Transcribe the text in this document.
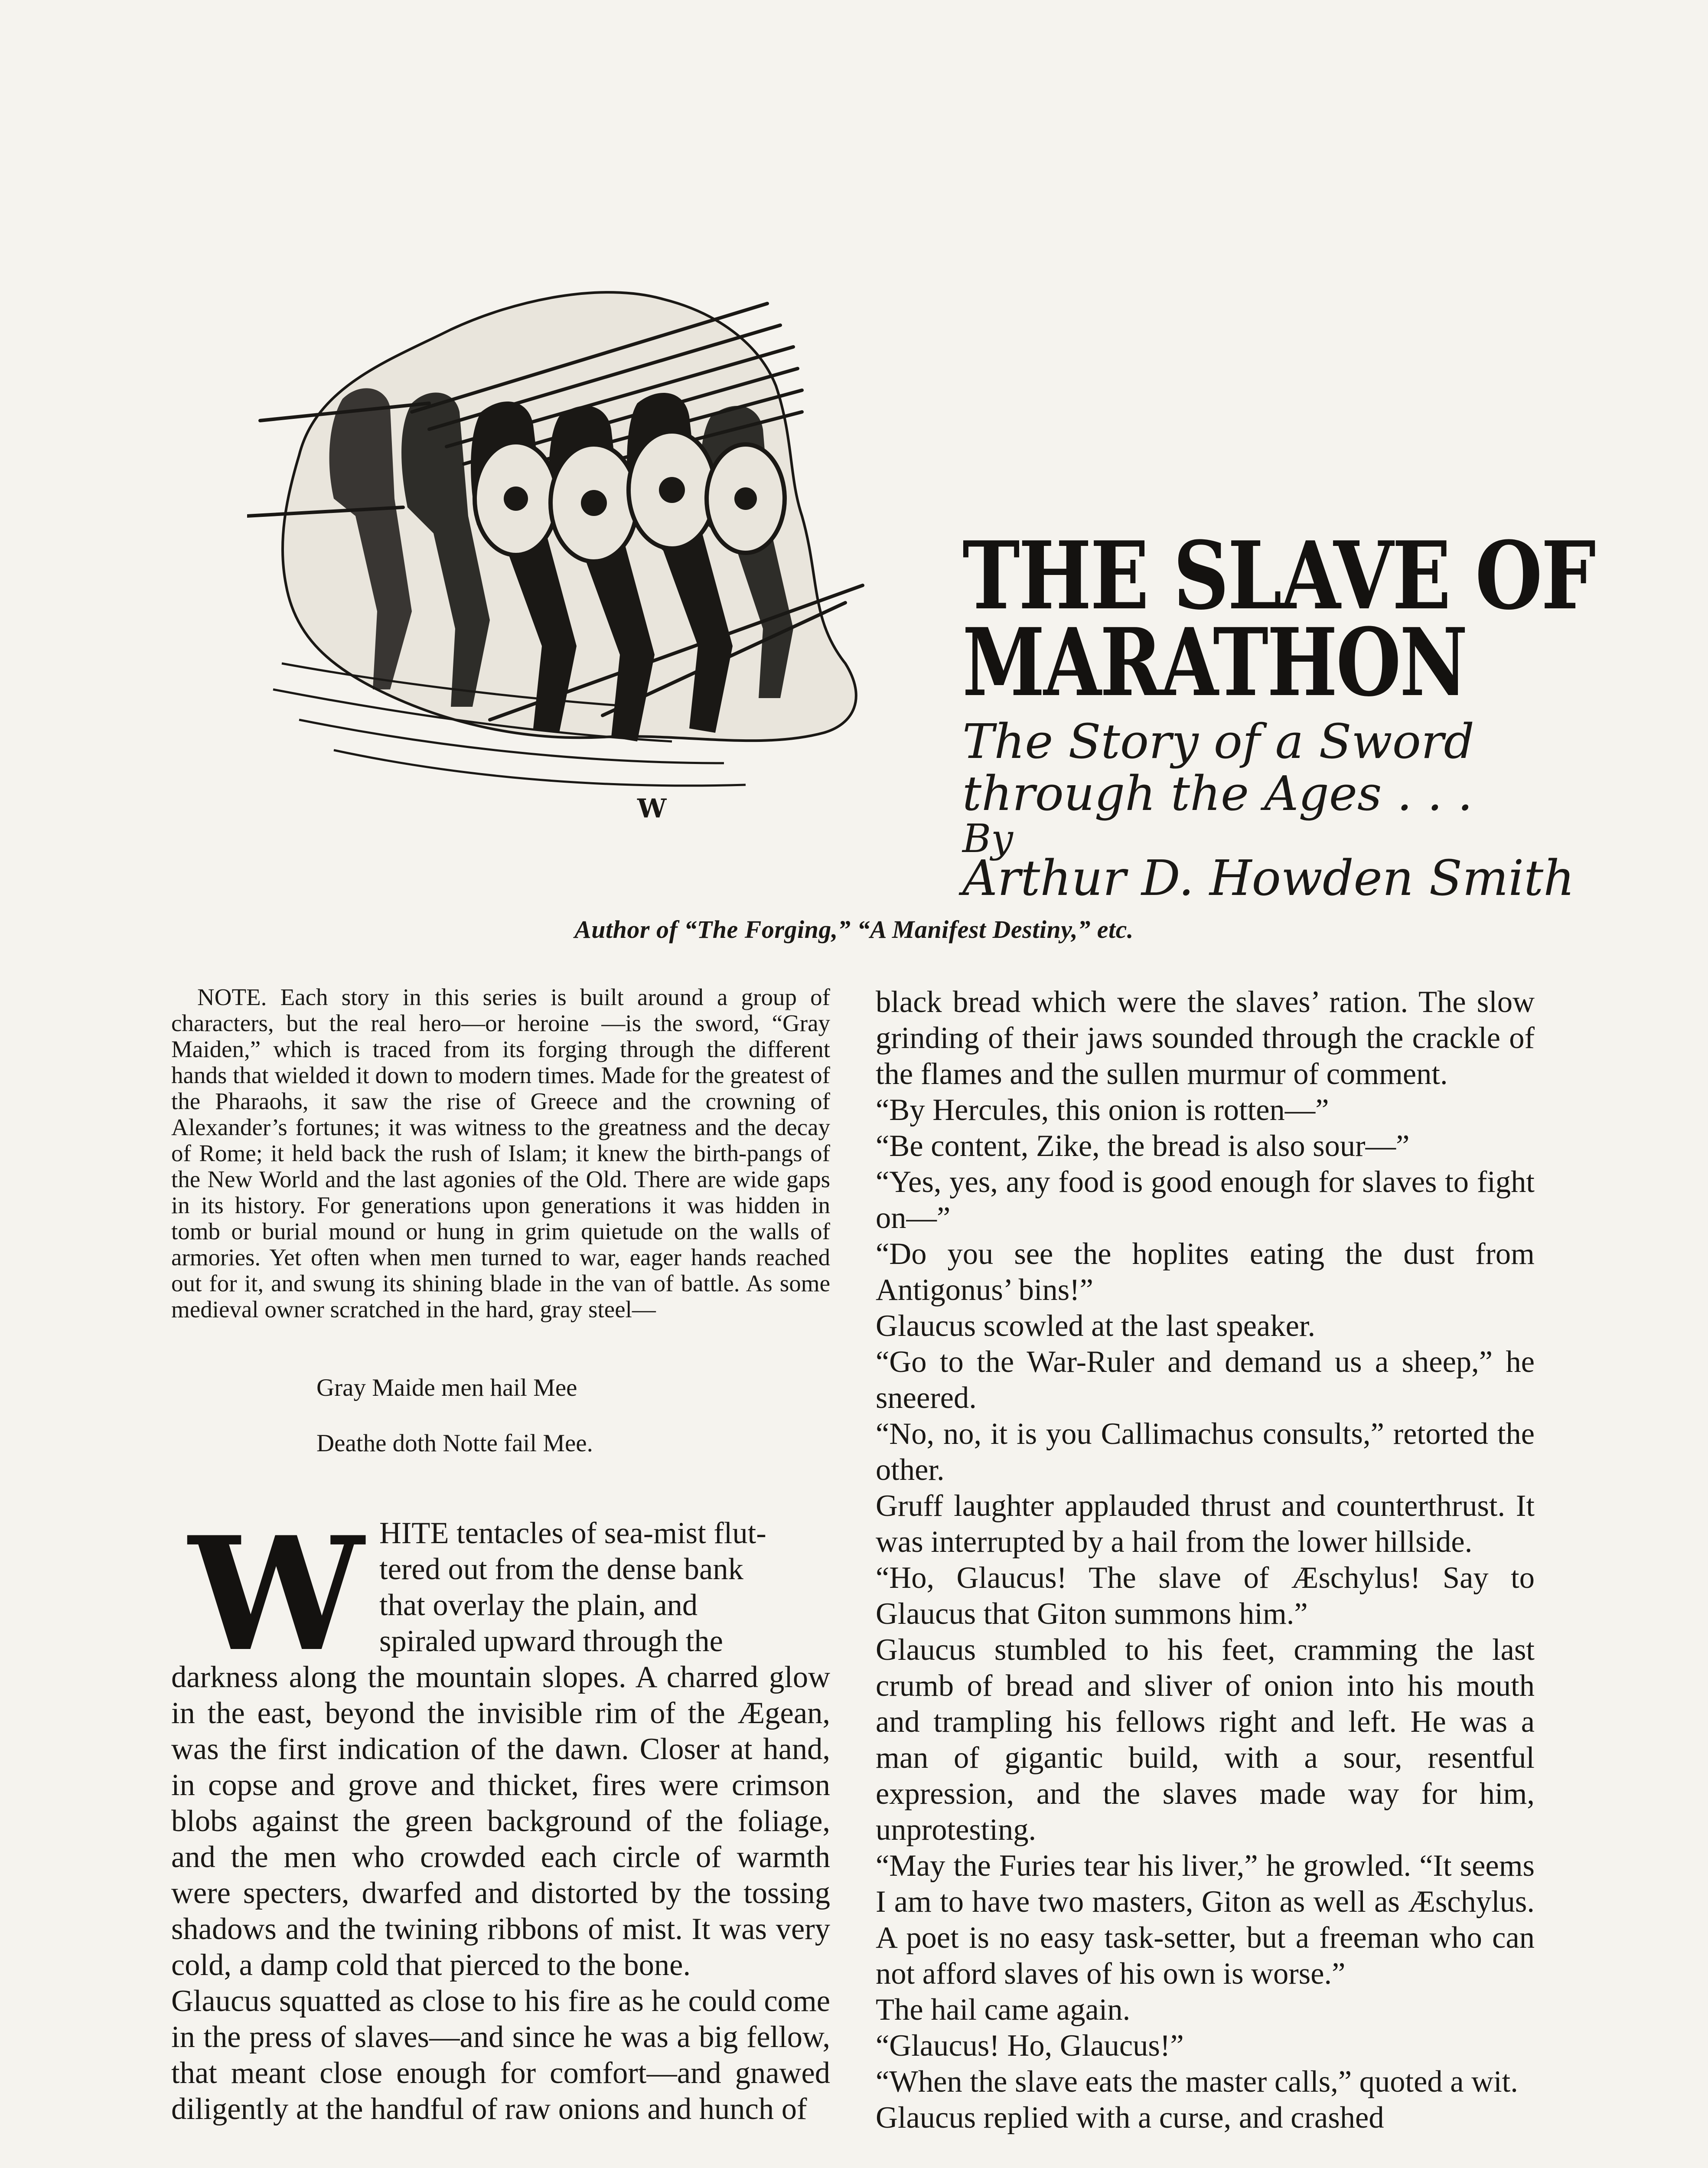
W
THE SLAVE OF
MARATHON
The Story of a Sword
through the Ages . . .
By
Arthur D. Howden Smith
Author of “The Forging,” “A Manifest Destiny,” etc.

NOTE. Each story in this series is built around a group of characters, but the real hero—or heroine —is the sword, “Gray Maiden,” which is traced from its forging through the different hands that wielded it down to modern times. Made for the greatest of the Pharaohs, it saw the rise of Greece and the crowning of Alexander’s fortunes; it was witness to the greatness and the decay of Rome; it held back the rush of Islam; it knew the birth-pangs of the New World and the last agonies of the Old. There are wide gaps in its history. For generations upon generations it was hidden in tomb or burial mound or hung in grim quietude on the walls of armories. Yet often when men turned to war, eager hands reached out for it, and swung its shining blade in the van of battle. As some medieval owner scratched in the hard, gray steel—

Gray Maide men hail Mee

Deathe doth Notte fail Mee.

W HITE tentacles of sea-mist flut-
tered out from the dense bank
that overlay the plain, and
spiraled upward through the

darkness along the mountain slopes. A charred glow in the east, beyond the invisible rim of the Ægean, was the first indication of the dawn. Closer at hand, in copse and grove and thicket, fires were crimson blobs against the green background of the foliage, and the men who crowded each circle of warmth were specters, dwarfed and distorted by the tossing shadows and the twining ribbons of mist. It was very cold, a damp cold that pierced to the bone.
Glaucus squatted as close to his fire as he could come in the press of slaves—and since he was a big fellow, that meant close enough for comfort—and gnawed diligently at the handful of raw onions and hunch of

black bread which were the slaves’ ration. The slow grinding of their jaws sounded through the crackle of the flames and the sullen murmur of comment.
“By Hercules, this onion is rotten—”
“Be content, Zike, the bread is also sour—”
“Yes, yes, any food is good enough for slaves to fight on—”
“Do you see the hoplites eating the dust from Antigonus’ bins!”
Glaucus scowled at the last speaker.
“Go to the War-Ruler and demand us a sheep,” he sneered.
“No, no, it is you Callimachus consults,” retorted the other.
Gruff laughter applauded thrust and counterthrust. It was interrupted by a hail from the lower hillside.
“Ho, Glaucus! The slave of Æschylus! Say to Glaucus that Giton summons him.”
Glaucus stumbled to his feet, cramming the last crumb of bread and sliver of onion into his mouth and trampling his fellows right and left. He was a man of gigantic build, with a sour, resentful expression, and the slaves made way for him, unprotesting.
“May the Furies tear his liver,” he growled. “It seems I am to have two masters, Giton as well as Æschylus. A poet is no easy task-setter, but a freeman who can not afford slaves of his own is worse.”
The hail came again.
“Glaucus! Ho, Glaucus!”
“When the slave eats the master calls,” quoted a wit.
Glaucus replied with a curse, and crashed
